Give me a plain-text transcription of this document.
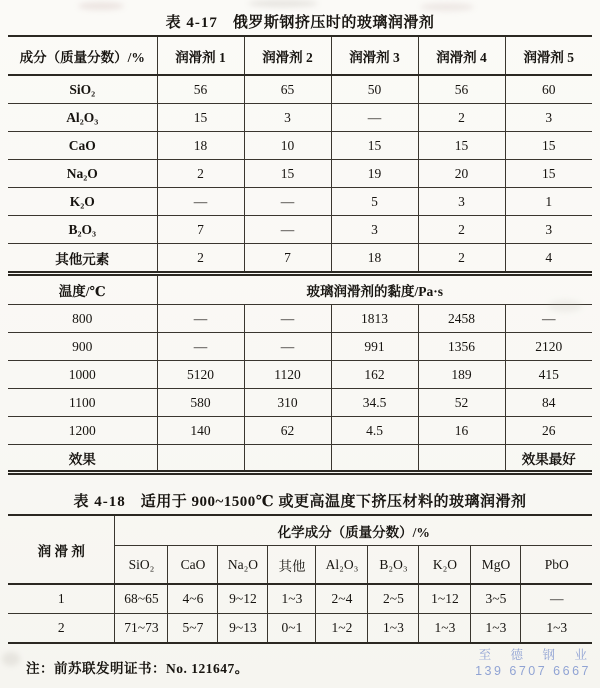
表 4-17 俄罗斯钢挤压时的玻璃润滑剂
成分（质量分数）/%	润滑剂 1	润滑剂 2	润滑剂 3	润滑剂 4	润滑剂 5
SiO₂	56	65	50	56	60
Al₂O₃	15	3	—	2	3
CaO	18	10	15	15	15
Na₂O	2	15	19	20	15
K₂O	—	—	5	3	1
B₂O₃	7	—	3	2	3
其他元素	2	7	18	2	4
温度/℃	玻璃润滑剂的黏度/Pa·s				
800	—	—	1813	2458	—
900	—	—	991	1356	2120
1000	5120	1120	162	189	415
1100	580	310	34.5	52	84
1200	140	62	4.5	16	26
效果					效果最好
表 4-18 适用于 900~1500℃ 或更高温度下挤压材料的玻璃润滑剂
润 滑 剂	化学成分（质量分数）/%								
	SiO₂	CaO	Na₂O	其他	Al₂O₃	B₂O₃	K₂O	MgO	PbO
1	68~65	4~6	9~12	1~3	2~4	2~5	1~12	3~5	—
2	71~73	5~7	9~13	0~1	1~2	1~3	1~3	1~3	1~3
注：前苏联发明证书：No. 121647。
至 德 钢 业
139 6707 6667
